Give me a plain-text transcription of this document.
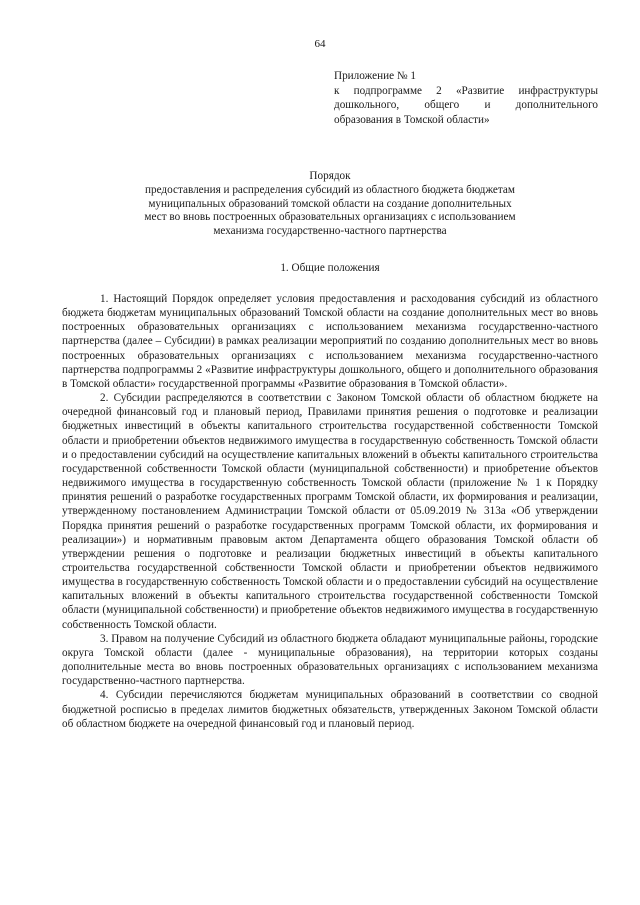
64
Приложение № 1
к подпрограмме 2 «Развитие инфраструктуры
дошкольного, общего и дополнительного
образования в Томской области»
Порядок
предоставления и распределения субсидий из областного бюджета бюджетам
муниципальных образований томской области на создание дополнительных
мест во вновь построенных образовательных организациях с использованием
механизма государственно-частного партнерства
1. Общие положения

1. Настоящий Порядок определяет условия предоставления и расходования субсидий из областного бюджета бюджетам муниципальных образований Томской области на создание дополнительных мест во вновь построенных образовательных организациях с использованием механизма государственно-частного партнерства (далее – Субсидии) в рамках реализации мероприятий по созданию дополнительных мест во вновь построенных образовательных организациях с использованием механизма государственно-частного партнерства подпрограммы 2 «Развитие инфраструктуры дошкольного, общего и дополнительного образования в Томской области» государственной программы «Развитие образования в Томской области».

2. Субсидии распределяются в соответствии с Законом Томской области об областном бюджете на очередной финансовый год и плановый период, Правилами принятия решения о подготовке и реализации бюджетных инвестиций в объекты капитального строительства государственной собственности Томской области и приобретении объектов недвижимого имущества в государственную собственность Томской области и о предоставлении субсидий на осуществление капитальных вложений в объекты капитального строительства государственной собственности Томской области (муниципальной собственности) и приобретение объектов недвижимого имущества в государственную собственность Томской области (приложение № 1 к Порядку принятия решений о разработке государственных программ Томской области, их формирования и реализации, утвержденному постановлением Администрации Томской области от 05.09.2019 № 313а «Об утверждении Порядка принятия решений о разработке государственных программ Томской области, их формирования и реализации») и нормативным правовым актом Департамента общего образования Томской области об утверждении решения о подготовке и реализации бюджетных инвестиций в объекты капитального строительства государственной собственности Томской области и приобретении объектов недвижимого имущества в государственную собственность Томской области и о предоставлении субсидий на осуществление капитальных вложений в объекты капитального строительства государственной собственности Томской области (муниципальной собственности) и приобретение объектов недвижимого имущества в государственную собственность Томской области.

3. Правом на получение Субсидий из областного бюджета обладают муниципальные районы, городские округа Томской области (далее - муниципальные образования), на территории которых созданы дополнительные места во вновь построенных образовательных организациях с использованием механизма государственно-частного партнерства.

4. Субсидии перечисляются бюджетам муниципальных образований в соответствии со сводной бюджетной росписью в пределах лимитов бюджетных обязательств, утвержденных Законом Томской области об областном бюджете на очередной финансовый год и плановый период.
